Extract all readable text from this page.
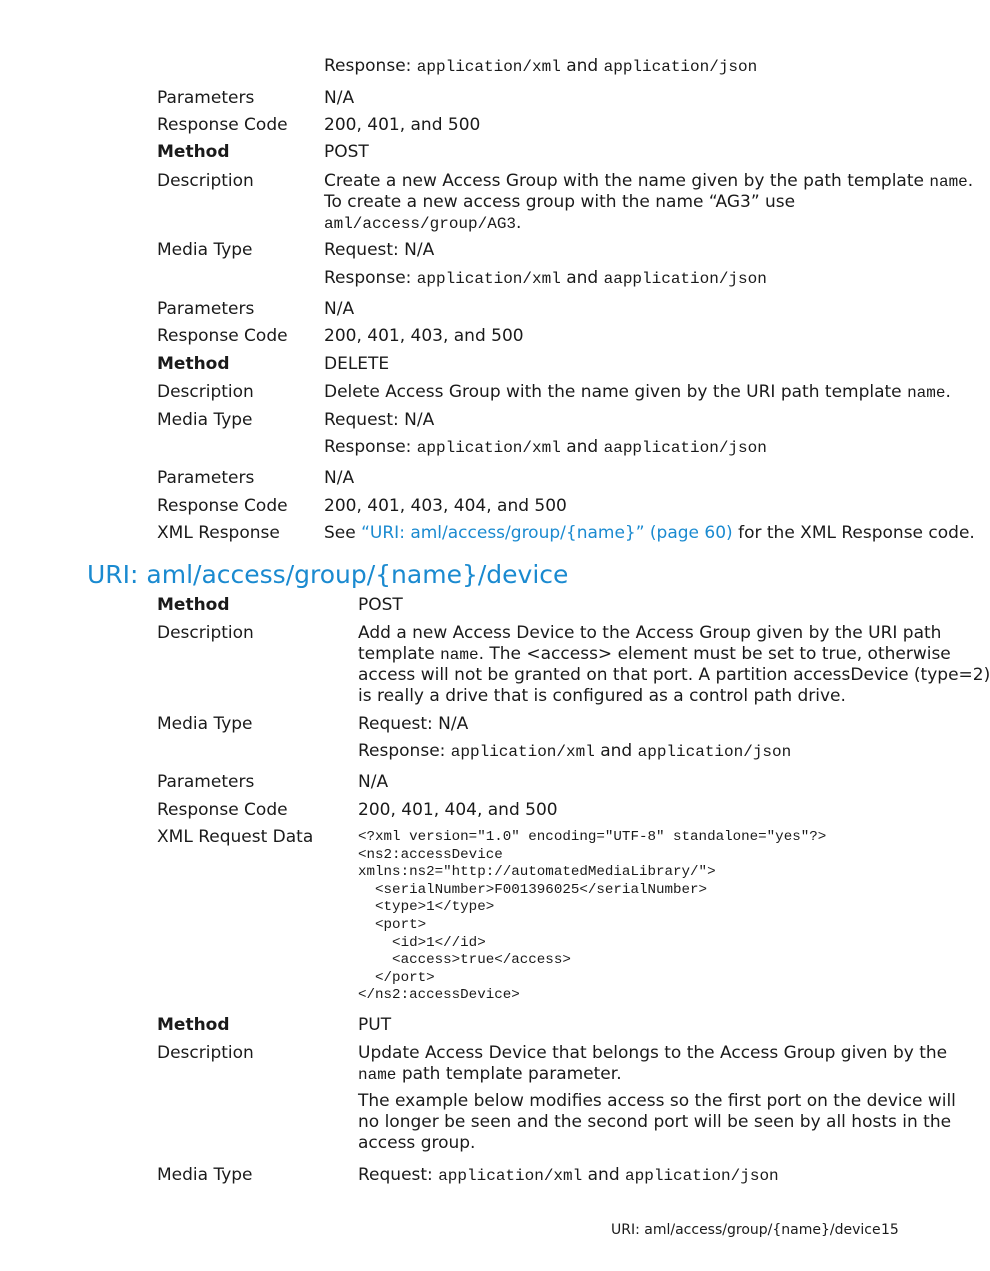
Response: application/xml and application/json
Parameters	N/A
Response Code 200, 401, and 500
Method	POST
Description	Create a new Access Group with the name given by the path template name.
To create a new access group with the name “AG3” use
aml/access/group/AG3.
Media Type	Request: N/A
Response: application/xml and aapplication/json
Parameters	N/A
Response Code 200, 401, 403, and 500
Method	DELETE
Description	Delete Access Group with the name given by the URI path template name.
Media Type	Request: N/A
Response: application/xml and aapplication/json
Parameters	N/A
Response Code 200, 401, 403, 404, and 500
XML Response	See “URI: aml/access/group/{name}” (page 60) for the XML Response code.
URI: aml/access/group/{name}/device
Method	POST
Description	Add a new Access Device to the Access Group given by the URI path
template name. The <access> element must be set to true, otherwise
access will not be granted on that port. A partition accessDevice (type=2)
is really a drive that is configured as a control path drive.
Media Type	Request: N/A
Response: application/xml and application/json
Parameters	N/A
Response Code	200, 401, 404, and 500
XML Request Data	<?xml version="1.0" encoding="UTF-8" standalone="yes"?>
<ns2:accessDevice
xmlns:ns2="http://automatedMediaLibrary/">
<serialNumber>F001396025</serialNumber>
<type>1</type>
<port>
<id>1<//id>
<access>true</access>
</port>
</ns2:accessDevice>
Method	PUT
Description	Update Access Device that belongs to the Access Group given by the
name path template parameter.
The example below modifies access so the first port on the device will
no longer be seen and the second port will be seen by all hosts in the
access group.
Media Type	Request: application/xml and application/json
URI: aml/access/group/{name}/device 15
